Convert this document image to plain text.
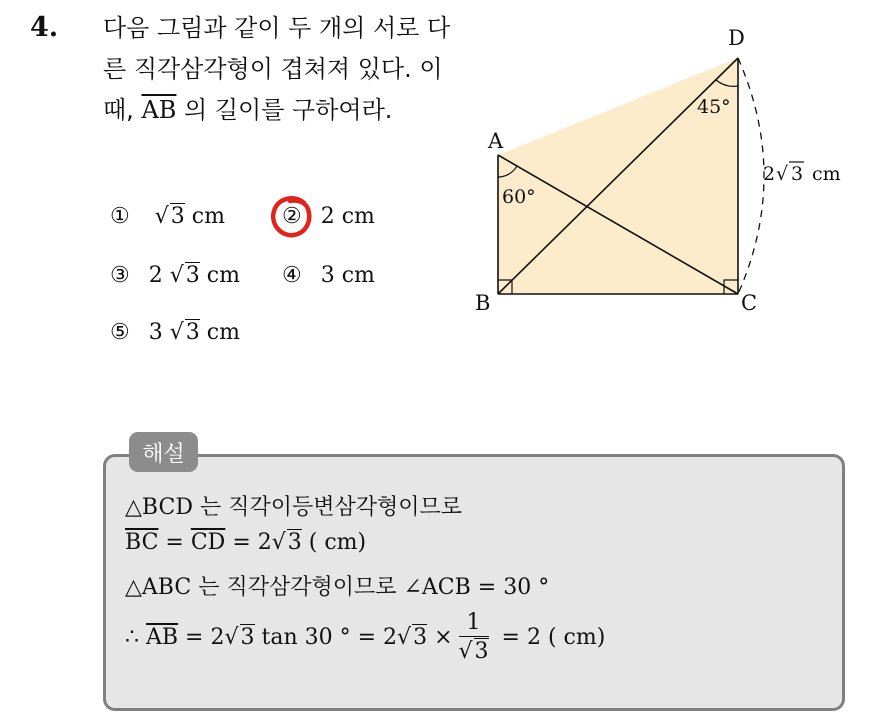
4. 다음 그림과 같이 두 개의 서로 다른 직각삼각형이 겹쳐져 있다. 이 때, $\overline{AB}$ 의 길이를 구하여라.

① √3 cm	② 2 cm
③ 2 √3 cm ④ 3 cm
⑤ 3 √3 cm
A
B	C
D
60°
45°
2 √ 3 cm
해설
△BCD 는 직각이등변삼각형이므로
$\overline{BC} = \overline{CD} = 2√3$ ( cm)
△ABC 는 직각삼각형이므로 ∠ACB = 30 °
∴ $\overline{AB} = 2√3$ tan 30 ° = $2√3 \times \frac{1}{√3} = 2$ ( cm)
